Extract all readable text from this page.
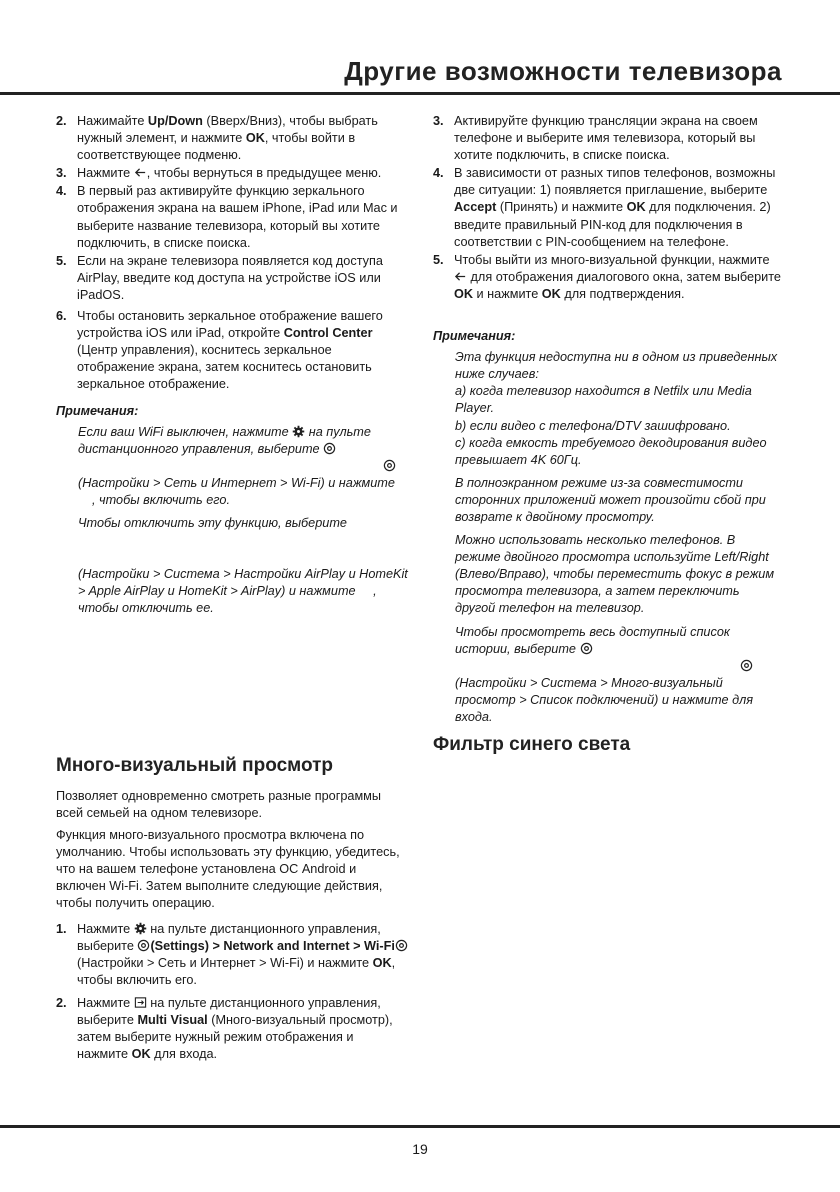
Другие возможности телевизора
2. Нажимайте Up/Down (Вверх/Вниз), чтобы выбрать нужный элемент, и нажмите OK, чтобы войти в соответствующее подменю.
3. Нажмите
, чтобы вернуться в предыдущее меню.
4. В первый раз активируйте функцию зеркального отображения экрана на вашем iPhone, iPad или Mac и выберите название телевизора, который вы хотите подключить, в списке поиска.
5. Если на экране телевизора появляется код доступа AirPlay, введите код доступа на устройстве iOS или iPadOS.
6. Чтобы остановить зеркальное отображение вашего устройства iOS или iPad, откройте Control Center (Центр управления), коснитесь зеркальное отображение экрана, затем коснитесь остановить зеркальное отображение.
Примечания:
Если ваш WiFi выключен, нажмите
на пульте дистанционного управления, выберите
(Настройки > Сеть и Интернет > Wi-Fi) и нажмите , чтобы включить его.
Чтобы отключить эту функцию, выберите
(Настройки > Система > Настройки AirPlay и HomeKit > Apple AirPlay и HomeKit > AirPlay) и нажмите , чтобы отключить ее.
Много-визуальный просмотр

Позволяет одновременно смотреть разные программы всей семьей на одном телевизоре.

Функция много-визуального просмотра включена по умолчанию. Чтобы использовать эту функцию, убедитесь, что на вашем телефоне установлена ОС Android и включен Wi-Fi. Затем выполните следующие действия, чтобы получить операцию.

1. Нажмите
на пульте дистанционного управления, выберите
(Settings) > Network and Internet > Wi-Fi
(Настройки > Сеть и Интернет > Wi-Fi) и нажмите OK, чтобы включить его.
2. Нажмите
на пульте дистанционного управления, выберите Multi Visual (Много-визуальный просмотр), затем выберите нужный режим отображения и нажмите OK для входа.
3. Активируйте функцию трансляции экрана на своем телефоне и выберите имя телевизора, который вы хотите подключить, в списке поиска.
4. В зависимости от разных типов телефонов, возможны две ситуации: 1) появляется приглашение, выберите Accept (Принять) и нажмите OK для подключения. 2) введите правильный PIN-код для подключения в соответствии с PIN-сообщением на телефоне.
5. Чтобы выйти из много-визуальной функции, нажмите
для отображения диалогового окна, затем выберите OK и нажмите OK для подтверждения.
Примечания:
Эта функция недоступна ни в одном из приведенных ниже случаев:
a) когда телевизор находится в Netfilx или Media Player.
b) если видео с телефона/DTV зашифровано.
c) когда емкость требуемого декодирования видео превышает 4K 60Гц.
В полноэкранном режиме из-за совместимости сторонних приложений может произойти сбой при возврате к двойному просмотру.
Можно использовать несколько телефонов. В режиме двойного просмотра используйте Left/Right (Влево/Вправо), чтобы переместить фокус в режим просмотра телевизора, а затем переключить другой телефон на телевизор.
Чтобы просмотреть весь доступный список истории, выберите
(Настройки > Система > Много-визуальный просмотр > Список подключений) и нажмите для входа.
Фильтр синего света
19
